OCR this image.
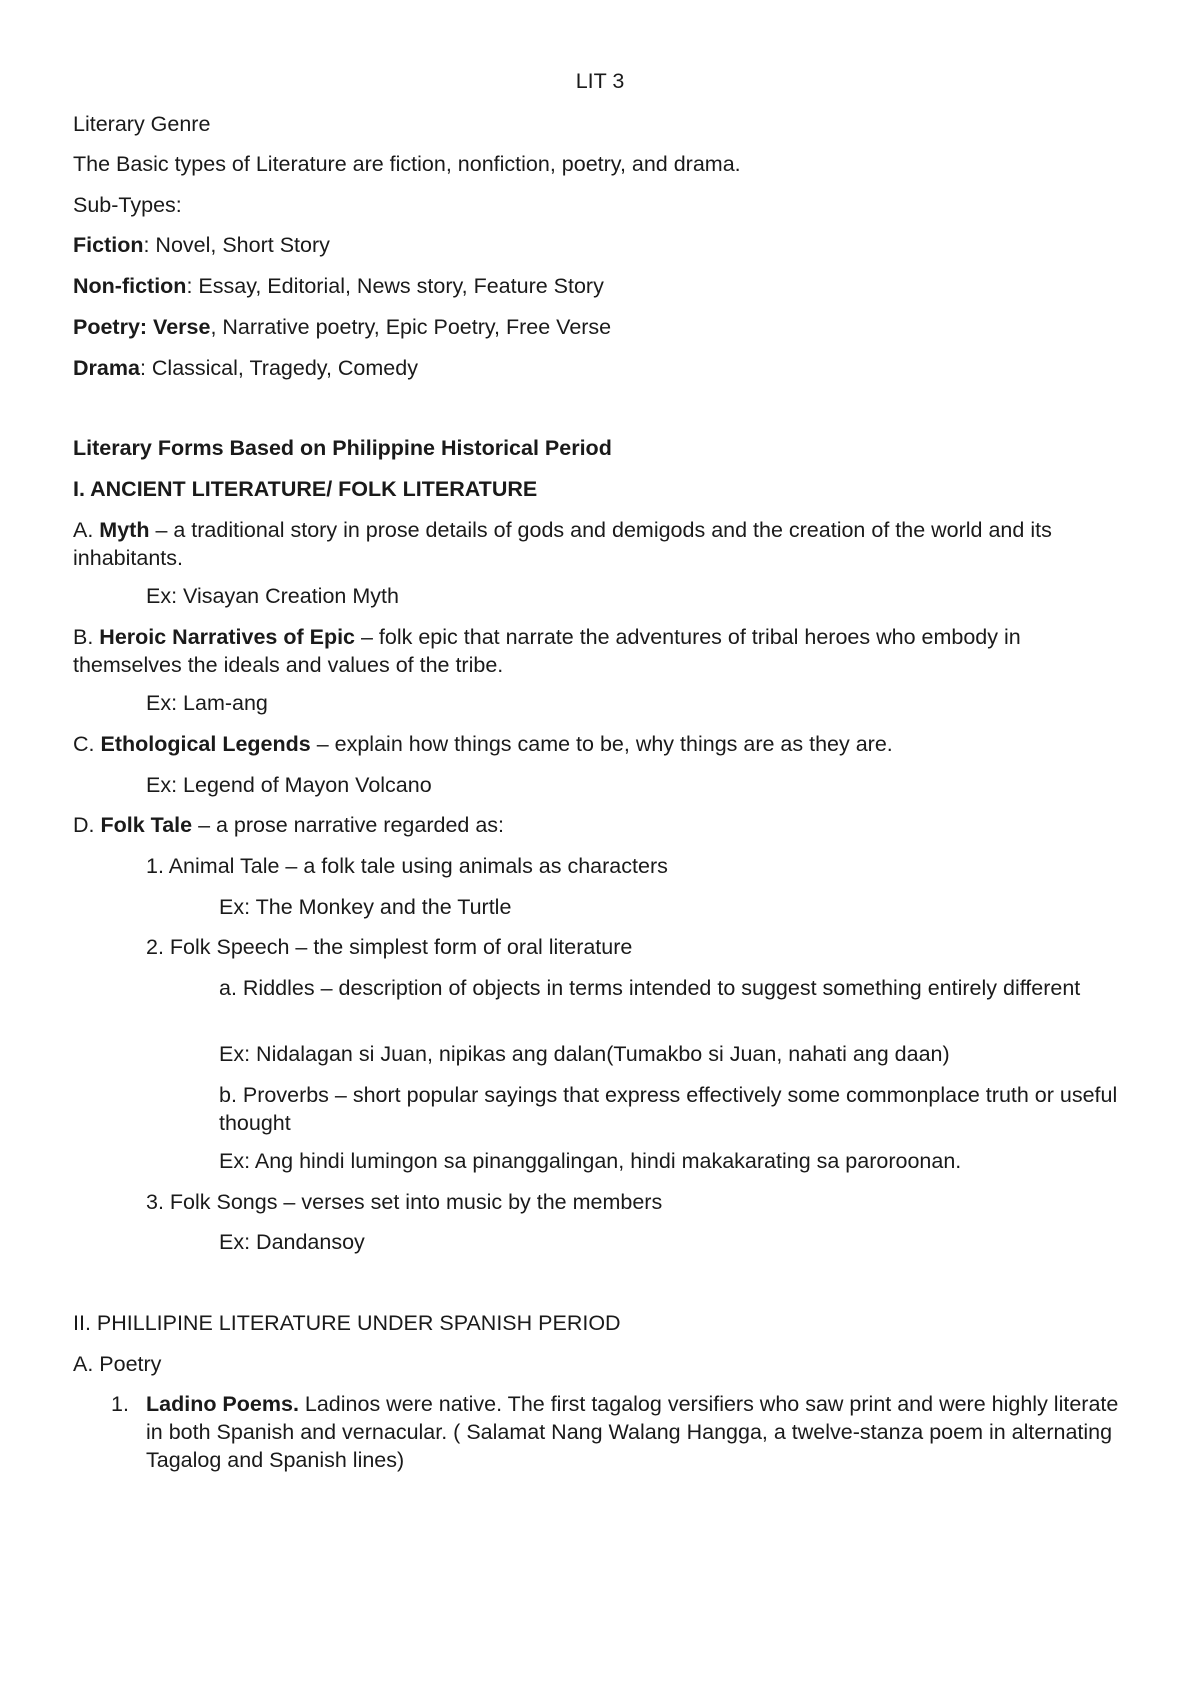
LIT 3

Literary Genre

The Basic types of Literature are fiction, nonfiction, poetry, and drama.

Sub-Types:

Fiction: Novel, Short Story

Non-fiction: Essay, Editorial, News story, Feature Story

Poetry: Verse, Narrative poetry, Epic Poetry, Free Verse

Drama: Classical, Tragedy, Comedy

Literary Forms Based on Philippine Historical Period

I. ANCIENT LITERATURE/ FOLK LITERATURE

A. Myth – a traditional story in prose details of gods and demigods and the creation of the world and its inhabitants.

Ex: Visayan Creation Myth

B. Heroic Narratives of Epic – folk epic that narrate the adventures of tribal heroes who embody in themselves the ideals and values of the tribe.

Ex: Lam-ang

C. Ethological Legends – explain how things came to be, why things are as they are.

Ex: Legend of Mayon Volcano

D. Folk Tale – a prose narrative regarded as:

1. Animal Tale – a folk tale using animals as characters

Ex: The Monkey and the Turtle

2. Folk Speech – the simplest form of oral literature

a. Riddles – description of objects in terms intended to suggest something entirely different

Ex: Nidalagan si Juan, nipikas ang dalan(Tumakbo si Juan, nahati ang daan)

b. Proverbs – short popular sayings that express effectively some commonplace truth or useful thought

Ex: Ang hindi lumingon sa pinanggalingan, hindi makakarating sa paroroonan.

3. Folk Songs – verses set into music by the members

Ex: Dandansoy

II. PHILLIPINE LITERATURE UNDER SPANISH PERIOD

A. Poetry

1. Ladino Poems. Ladinos were native. The first tagalog versifiers who saw print and were highly literate in both Spanish and vernacular. ( Salamat Nang Walang Hangga, a twelve-stanza poem in alternating Tagalog and Spanish lines)
